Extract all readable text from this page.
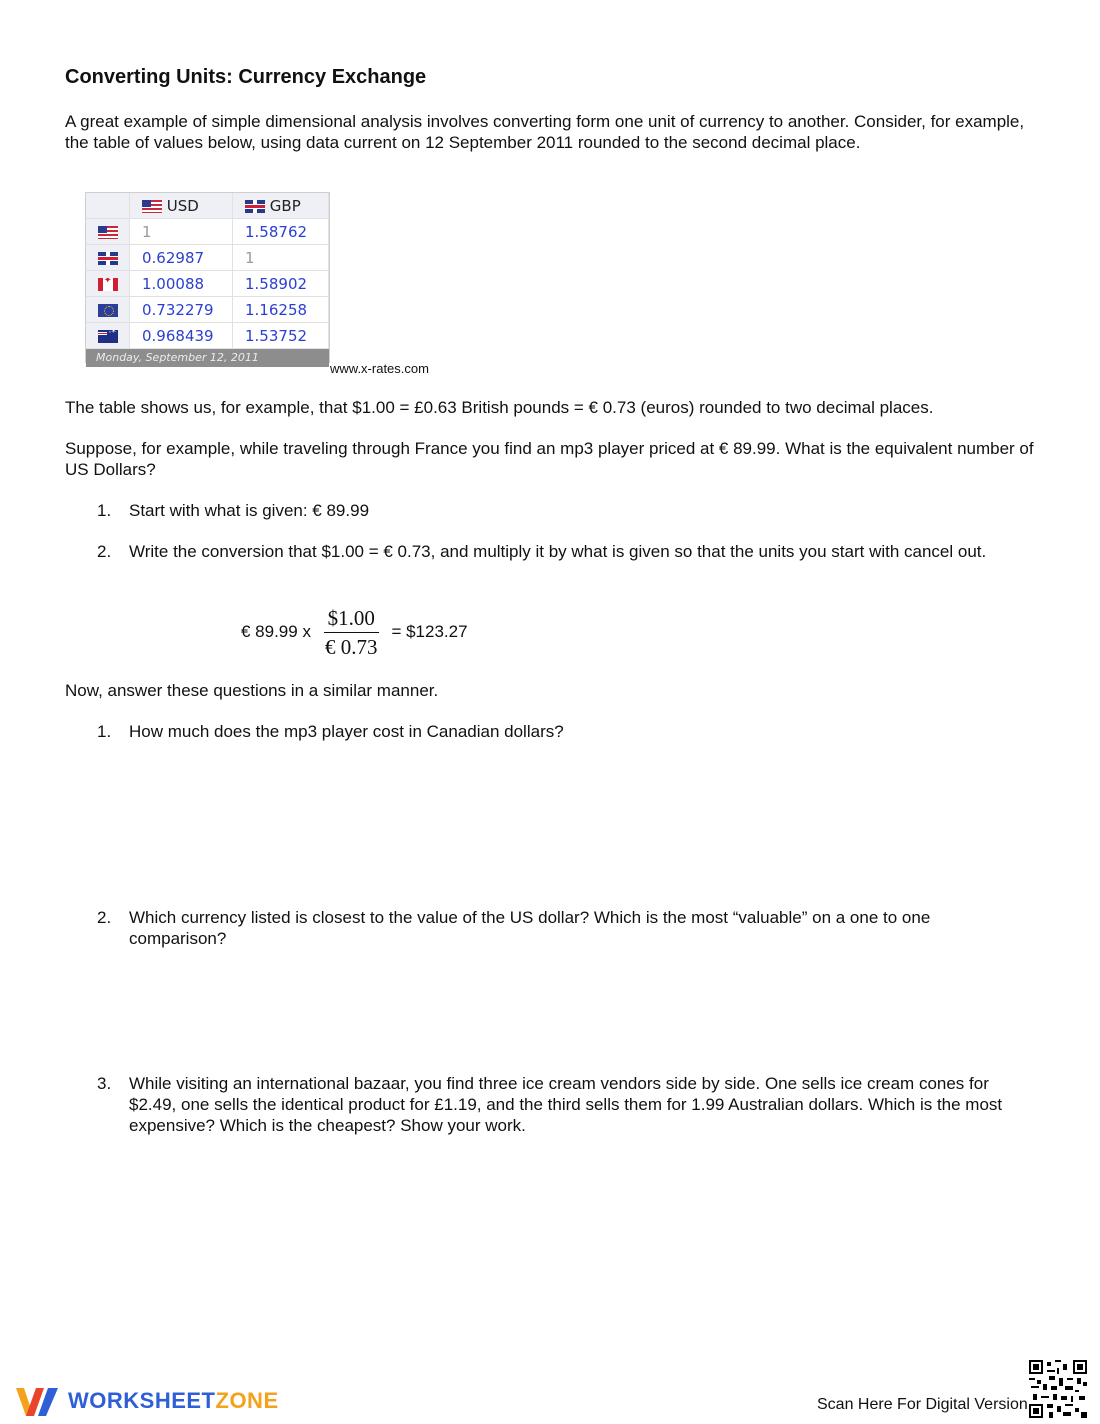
Converting Units: Currency Exchange
A great example of simple dimensional analysis involves converting form one unit of currency to another. Consider, for example, the table of values below, using data current on 12 September 2011 rounded to the second decimal place.
	USD	GBP
	1	1.58762
	0.62987	1
✦	1.00088	1.58902
	0.732279	1.16258
·*	0.968439	1.53752
Monday, September 12, 2011
www.x-rates.com
The table shows us, for example, that $1.00 = £0.63 British pounds = € 0.73 (euros) rounded to two decimal places.
Suppose, for example, while traveling through France you find an mp3 player priced at € 89.99. What is the equivalent number of US Dollars?
1. Start with what is given: € 89.99
2. Write the conversion that $1.00 = € 0.73, and multiply it by what is given so that the units you start with cancel out.
€ 89.99 x $\frac{\$1.00}{€ 0.73}$ = $123.27
Now, answer these questions in a similar manner.
1. How much does the mp3 player cost in Canadian dollars?
2. Which currency listed is closest to the value of the US dollar? Which is the most “valuable” on a one to one comparison?
3. While visiting an international bazaar, you find three ice cream vendors side by side. One sells ice cream cones for $2.49, one sells the identical product for £1.19, and the third sells them for 1.99 Australian dollars. Which is the most expensive? Which is the cheapest? Show your work.
WORKSHEETZONE	Scan Here For Digital Version
